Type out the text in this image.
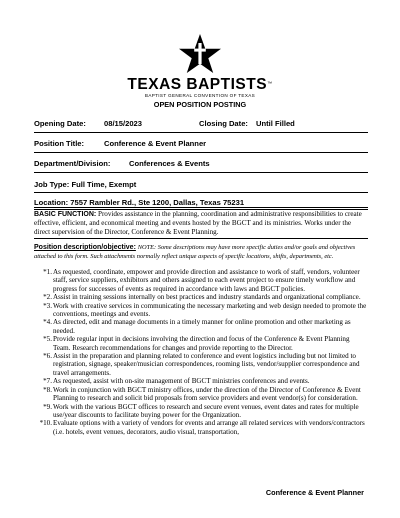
TEXAS BAPTISTS™
BAPTIST GENERAL CONVENTION OF TEXAS
OPEN POSITION POSTING
Opening Date: 08/15/2023	Closing Date: Until Filled
Position Title:	Conference & Event Planner
Department/Division: Conferences & Events
Job Type: Full Time, Exempt
Location: 7557 Rambler Rd., Ste 1200, Dallas, Texas 75231
BASIC FUNCTION: Provides assistance in the planning, coordination and administrative responsibilities to create effective, efficient, and economical meeting and events hosted by the BGCT and its ministries. Works under the direct supervision of the Director, Conference & Event Planning.
Position description/objective: NOTE: Some descriptions may have more specific duties and/or goals and objectives attached to this form. Such attachments normally reflect unique aspects of specific locations, shifts, departments, etc.
*1. As requested, coordinate, empower and provide direction and assistance to work of staff, vendors, volunteer staff, service suppliers, exhibitors and others assigned to each event project to ensure timely workflow and progress for successes of events as required in accordance with laws and BGCT policies.
*2. Assist in training sessions internally on best practices and industry standards and organizational compliance.
*3. Work with creative services in communicating the necessary marketing and web design needed to promote the conventions, meetings and events.
*4. As directed, edit and manage documents in a timely manner for online promotion and other marketing as needed.
*5. Provide regular input in decisions involving the direction and focus of the Conference & Event Planning Team. Research recommendations for changes and provide reporting to the Director.
*6. Assist in the preparation and planning related to conference and event logistics including but not limited to registration, signage, speaker/musician correspondences, rooming lists, vendor/supplier correspondence and travel arrangements.
*7. As requested, assist with on-site management of BGCT ministries conferences and events.
*8. Work in conjunction with BGCT ministry offices, under the direction of the Director of Conference & Event Planning to research and solicit bid proposals from service providers and event vendor(s) for consideration.
*9. Work with the various BGCT offices to research and secure event venues, event dates and rates for multiple use/year discounts to facilitate buying power for the Organization.
*10. Evaluate options with a variety of vendors for events and arrange all related services with vendors/contractors (i.e. hotels, event venues, decorators, audio visual, transportation,
Conference & Event Planner
